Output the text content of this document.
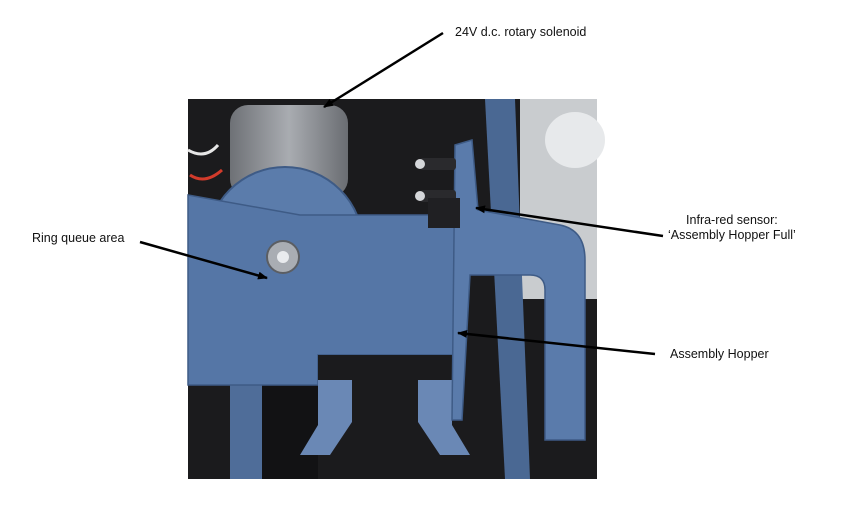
24V d.c. rotary solenoid
Ring queue area
Infra-red sensor:
‘Assembly Hopper Full’
Assembly Hopper
